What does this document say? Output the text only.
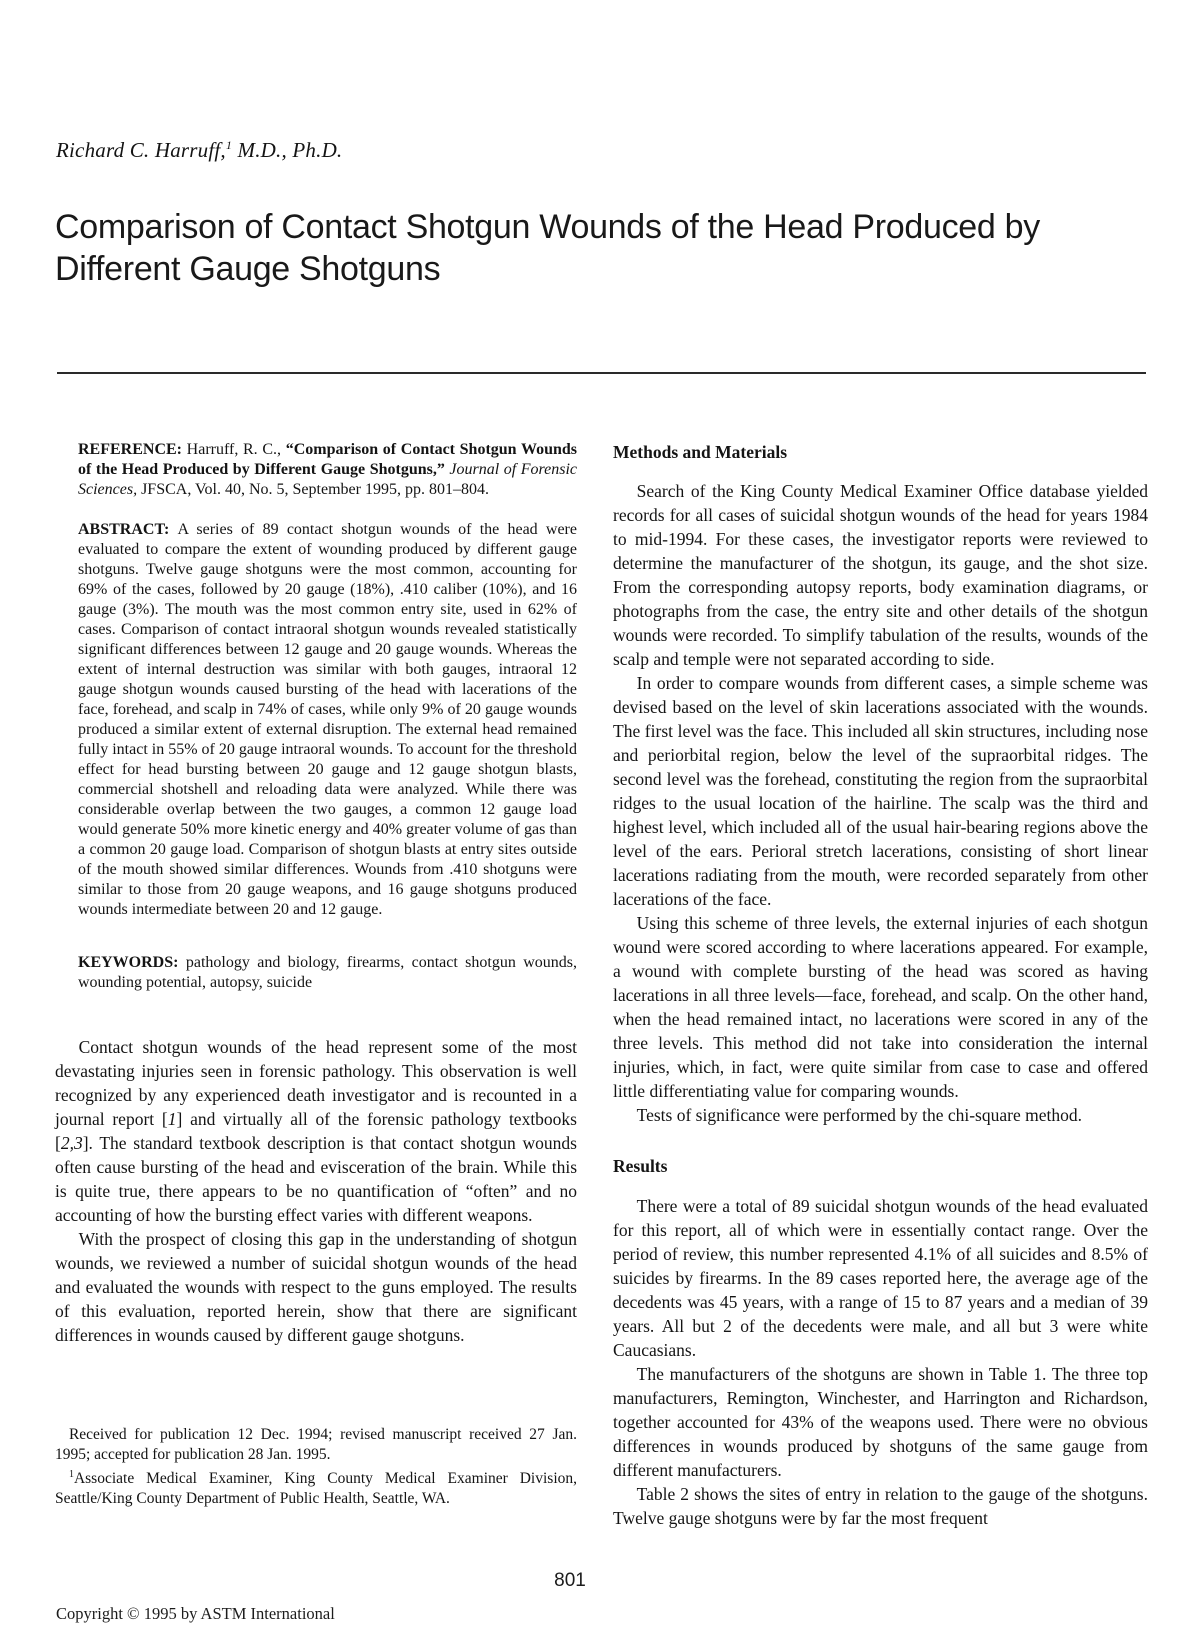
Richard C. Harruff,$^1$ M.D., Ph.D.
Comparison of Contact Shotgun Wounds of the Head Produced by Different Gauge Shotguns

REFERENCE: Harruff, R. C., “Comparison of Contact Shotgun Wounds of the Head Produced by Different Gauge Shotguns,” Journal of Forensic Sciences, JFSCA, Vol. 40, No. 5, September 1995, pp. 801–804.

ABSTRACT: A series of 89 contact shotgun wounds of the head were evaluated to compare the extent of wounding produced by different gauge shotguns. Twelve gauge shotguns were the most common, accounting for 69% of the cases, followed by 20 gauge (18%), .410 caliber (10%), and 16 gauge (3%). The mouth was the most common entry site, used in 62% of cases. Comparison of contact intraoral shotgun wounds revealed statistically significant differences between 12 gauge and 20 gauge wounds. Whereas the extent of internal destruction was similar with both gauges, intraoral 12 gauge shotgun wounds caused bursting of the head with lacerations of the face, forehead, and scalp in 74% of cases, while only 9% of 20 gauge wounds produced a similar extent of external disruption. The external head remained fully intact in 55% of 20 gauge intraoral wounds. To account for the threshold effect for head bursting between 20 gauge and 12 gauge shotgun blasts, commercial shotshell and reloading data were analyzed. While there was considerable overlap between the two gauges, a common 12 gauge load would generate 50% more kinetic energy and 40% greater volume of gas than a common 20 gauge load. Comparison of shotgun blasts at entry sites outside of the mouth showed similar differences. Wounds from .410 shotguns were similar to those from 20 gauge weapons, and 16 gauge shotguns produced wounds intermediate between 20 and 12 gauge.

KEYWORDS: pathology and biology, firearms, contact shotgun wounds, wounding potential, autopsy, suicide

Contact shotgun wounds of the head represent some of the most devastating injuries seen in forensic pathology. This observation is well recognized by any experienced death investigator and is recounted in a journal report [1] and virtually all of the forensic pathology textbooks [2,3]. The standard textbook description is that contact shotgun wounds often cause bursting of the head and evisceration of the brain. While this is quite true, there appears to be no quantification of “often” and no accounting of how the bursting effect varies with different weapons.

With the prospect of closing this gap in the understanding of shotgun wounds, we reviewed a number of suicidal shotgun wounds of the head and evaluated the wounds with respect to the guns employed. The results of this evaluation, reported herein, show that there are significant differences in wounds caused by different gauge shotguns.

Received for publication 12 Dec. 1994; revised manuscript received 27 Jan. 1995; accepted for publication 28 Jan. 1995.

$^1$Associate Medical Examiner, King County Medical Examiner Division, Seattle/King County Department of Public Health, Seattle, WA.

Methods and Materials

Search of the King County Medical Examiner Office database yielded records for all cases of suicidal shotgun wounds of the head for years 1984 to mid-1994. For these cases, the investigator reports were reviewed to determine the manufacturer of the shotgun, its gauge, and the shot size. From the corresponding autopsy reports, body examination diagrams, or photographs from the case, the entry site and other details of the shotgun wounds were recorded. To simplify tabulation of the results, wounds of the scalp and temple were not separated according to side.

In order to compare wounds from different cases, a simple scheme was devised based on the level of skin lacerations associated with the wounds. The first level was the face. This included all skin structures, including nose and periorbital region, below the level of the supraorbital ridges. The second level was the forehead, constituting the region from the supraorbital ridges to the usual location of the hairline. The scalp was the third and highest level, which included all of the usual hair-bearing regions above the level of the ears. Perioral stretch lacerations, consisting of short linear lacerations radiating from the mouth, were recorded separately from other lacerations of the face.

Using this scheme of three levels, the external injuries of each shotgun wound were scored according to where lacerations appeared. For example, a wound with complete bursting of the head was scored as having lacerations in all three levels—face, forehead, and scalp. On the other hand, when the head remained intact, no lacerations were scored in any of the three levels. This method did not take into consideration the internal injuries, which, in fact, were quite similar from case to case and offered little differentiating value for comparing wounds.

Tests of significance were performed by the chi-square method.

Results

There were a total of 89 suicidal shotgun wounds of the head evaluated for this report, all of which were in essentially contact range. Over the period of review, this number represented 4.1% of all suicides and 8.5% of suicides by firearms. In the 89 cases reported here, the average age of the decedents was 45 years, with a range of 15 to 87 years and a median of 39 years. All but 2 of the decedents were male, and all but 3 were white Caucasians.

The manufacturers of the shotguns are shown in Table 1. The three top manufacturers, Remington, Winchester, and Harrington and Richardson, together accounted for 43% of the weapons used. There were no obvious differences in wounds produced by shotguns of the same gauge from different manufacturers.

Table 2 shows the sites of entry in relation to the gauge of the shotguns. Twelve gauge shotguns were by far the most frequent

801
Copyright © 1995 by ASTM International
